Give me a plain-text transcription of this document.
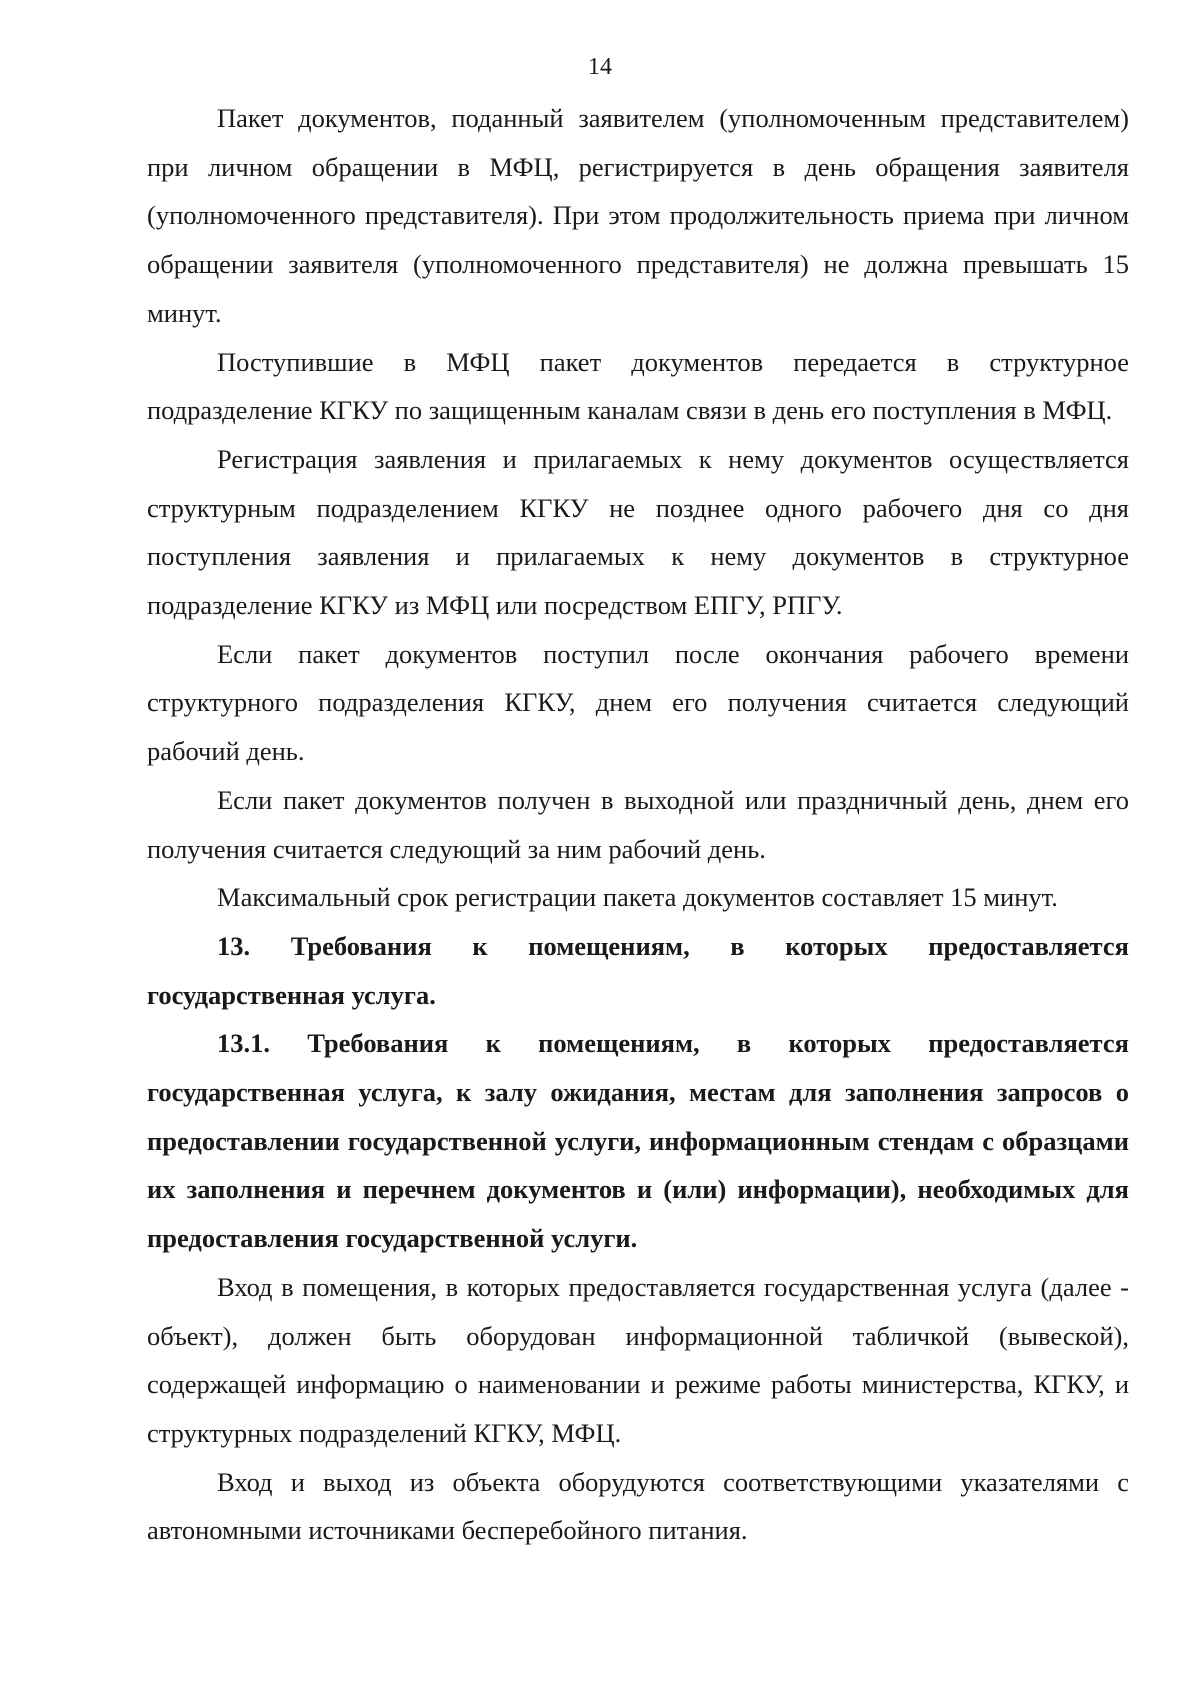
14

Пакет документов, поданный заявителем (уполномоченным представителем) при личном обращении в МФЦ, регистрируется в день обращения заявителя (уполномоченного представителя). При этом продолжительность приема при личном обращении заявителя (уполномоченного представителя) не должна превышать 15 минут.

Поступившие в МФЦ пакет документов передается в структурное подразделение КГКУ по защищенным каналам связи в день его поступления в МФЦ.

Регистрация заявления и прилагаемых к нему документов осуществляется структурным подразделением КГКУ не позднее одного рабочего дня со дня поступления заявления и прилагаемых к нему документов в структурное подразделение КГКУ из МФЦ или посредством ЕПГУ, РПГУ.

Если пакет документов поступил после окончания рабочего времени структурного подразделения КГКУ, днем его получения считается следующий рабочий день.

Если пакет документов получен в выходной или праздничный день, днем его получения считается следующий за ним рабочий день.

Максимальный срок регистрации пакета документов составляет 15 минут.

13. Требования к помещениям, в которых предоставляется государственная услуга.

13.1. Требования к помещениям, в которых предоставляется государственная услуга, к залу ожидания, местам для заполнения запросов о предоставлении государственной услуги, информационным стендам с образцами их заполнения и перечнем документов и (или) информации), необходимых для предоставления государственной услуги.

Вход в помещения, в которых предоставляется государственная услуга (далее - объект), должен быть оборудован информационной табличкой (вывеской), содержащей информацию о наименовании и режиме работы министерства, КГКУ, и структурных подразделений КГКУ, МФЦ.

Вход и выход из объекта оборудуются соответствующими указателями с автономными источниками бесперебойного питания.
